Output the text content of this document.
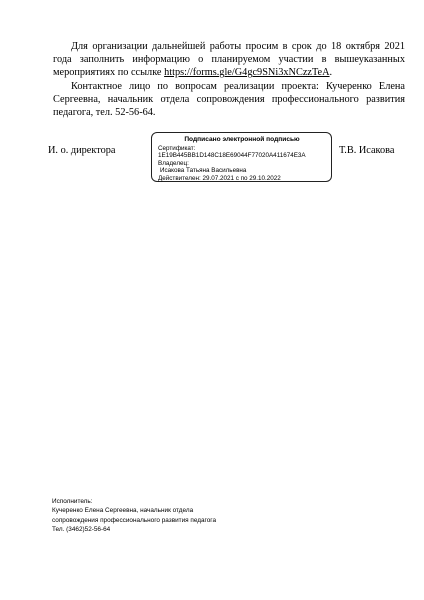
Для организации дальнейшей работы просим в срок до 18 октября 2021 года заполнить информацию о планируемом участии в вышеуказанных мероприятиях по ссылке https://forms.gle/G4gc9SNi3xNCzzTeA.

Контактное лицо по вопросам реализации проекта: Кучеренко Елена Сергеевна, начальник отдела сопровождения профессионального развития педагога, тел. 52-56-64.

И. о. директора
Подписано электронной подписью
Сертификат:
1E19B445BB1D148C18E69044F77020A411674E3A
Владелец:
Исакова Татьяна Васильевна
Действителен: 29.07.2021 с по 29.10.2022
Т.В. Исакова
Исполнитель:
Кучеренко Елена Сергеевна, начальник отдела
сопровождения профессионального развития педагога
Тел. (3462)52-56-64
